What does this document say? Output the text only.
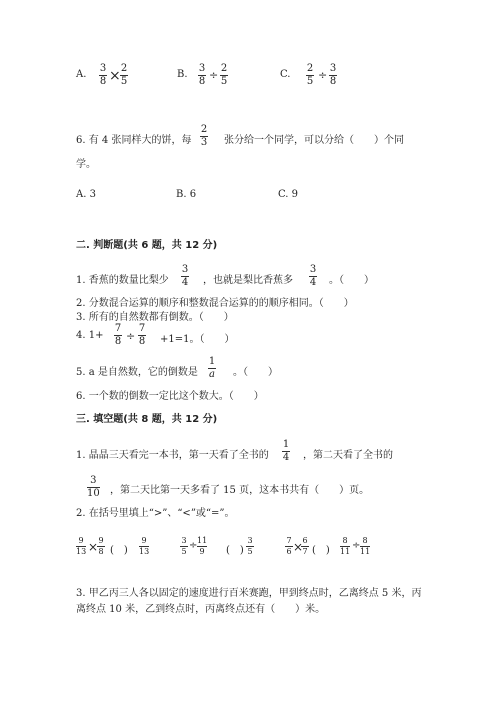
A.
3
8 × 2
5
B.
3
8 ÷
2
5
C.
2
5 ÷
3
8
6. 有 4 张同样大的饼，每
2
3 张分给一个同学，可以分给（　　）个同
学。
A. 3	B. 6	C. 9
二. 判断题(共 6 题，共 12 分)
1. 香蕉的数量比梨少
3
4 ，也就是梨比香蕉多
3
4 。（　　）
2. 分数混合运算的顺序和整数混合运算的的顺序相同。（　　）
3. 所有的自然数都有倒数。（　　）
4. 1+
7
8 ÷
7
8 +1=1。（　　）
5. a 是自然数，它的倒数是
1
a 。（　　）
6. 一个数的倒数一定比这个数大。（　　）
三. 填空题(共 8 题，共 12 分)
1. 晶晶三天看完一本书，第一天看了全书的
1
4 ，第二天看了全书的
3
10 ，第二天比第一天多看了 15 页，这本书共有（　　）页。
2. 在括号里填上“>”、“<”或“=”。
9
13 × 9
8 (　)
9
13
3
5
÷ 11
9 (　)
3
5
7
6 × 6
7 (　)
8
11
÷ 8
11
3. 甲乙丙三人各以固定的速度进行百米赛跑，甲到终点时，乙离终点 5 米，丙
离终点 10 米，乙到终点时，丙离终点还有（　　）米。
